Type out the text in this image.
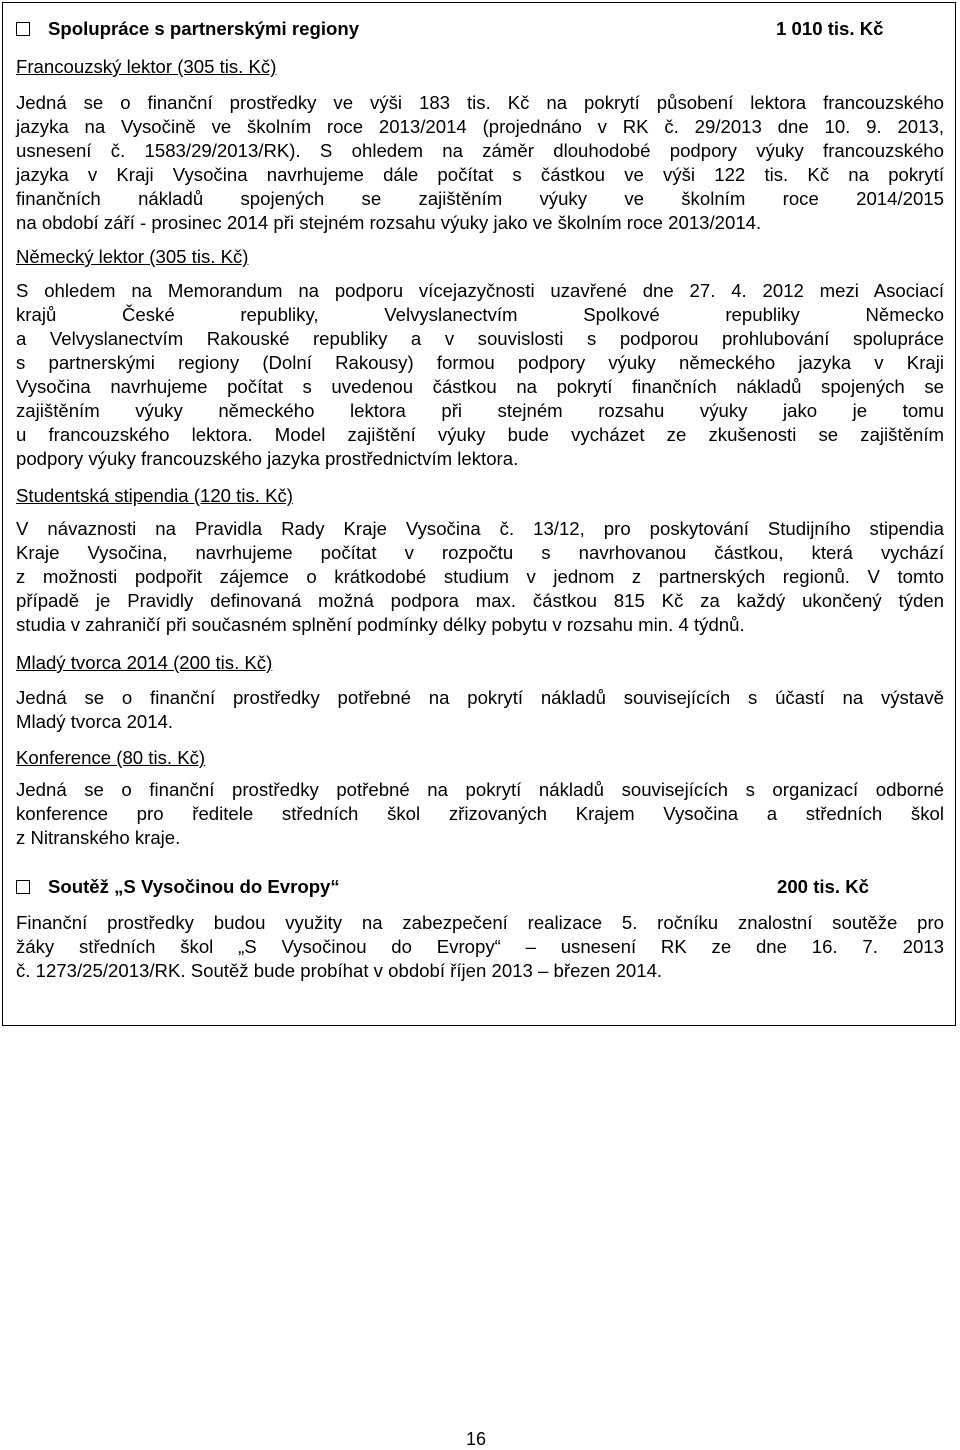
Spolupráce s partnerskými regiony	1 010 tis. Kč
Francouzský lektor (305 tis. Kč)
Jedná se o finanční prostředky ve výši 183 tis. Kč na pokrytí působení lektora francouzského
jazyka na Vysočině ve školním roce 2013/2014 (projednáno v RK č. 29/2013 dne 10. 9. 2013,
usnesení č. 1583/29/2013/RK). S ohledem na záměr dlouhodobé podpory výuky francouzského
jazyka v Kraji Vysočina navrhujeme dále počítat s částkou ve výši 122 tis. Kč na pokrytí
finančních nákladů spojených se zajištěním výuky ve školním roce 2014/2015
na období září - prosinec 2014 při stejném rozsahu výuky jako ve školním roce 2013/2014.
Německý lektor (305 tis. Kč)
S ohledem na Memorandum na podporu vícejazyčnosti uzavřené dne 27. 4. 2012 mezi Asociací
krajů České republiky, Velvyslanectvím Spolkové republiky Německo
a Velvyslanectvím Rakouské republiky a v souvislosti s podporou prohlubování spolupráce
s partnerskými regiony (Dolní Rakousy) formou podpory výuky německého jazyka v Kraji
Vysočina navrhujeme počítat s uvedenou částkou na pokrytí finančních nákladů spojených se
zajištěním výuky německého lektora při stejném rozsahu výuky jako je tomu
u francouzského lektora. Model zajištění výuky bude vycházet ze zkušenosti se zajištěním
podpory výuky francouzského jazyka prostřednictvím lektora.
Studentská stipendia (120 tis. Kč)
V návaznosti na Pravidla Rady Kraje Vysočina č. 13/12, pro poskytování Studijního stipendia
Kraje Vysočina, navrhujeme počítat v rozpočtu s navrhovanou částkou, která vychází
z možnosti podpořit zájemce o krátkodobé studium v jednom z partnerských regionů. V tomto
případě je Pravidly definovaná možná podpora max. částkou 815 Kč za každý ukončený týden
studia v zahraničí při současném splnění podmínky délky pobytu v rozsahu min. 4 týdnů.
Mladý tvorca 2014 (200 tis. Kč)
Jedná se o finanční prostředky potřebné na pokrytí nákladů souvisejících s účastí na výstavě
Mladý tvorca 2014.
Konference (80 tis. Kč)
Jedná se o finanční prostředky potřebné na pokrytí nákladů souvisejících s organizací odborné
konference pro ředitele středních škol zřizovaných Krajem Vysočina a středních škol
z Nitranského kraje.
Soutěž „S Vysočinou do Evropy“	200 tis. Kč
Finanční prostředky budou využity na zabezpečení realizace 5. ročníku znalostní soutěže pro
žáky středních škol „S Vysočinou do Evropy“ – usnesení RK ze dne 16. 7. 2013
č. 1273/25/2013/RK. Soutěž bude probíhat v období říjen 2013 – březen 2014.
16
